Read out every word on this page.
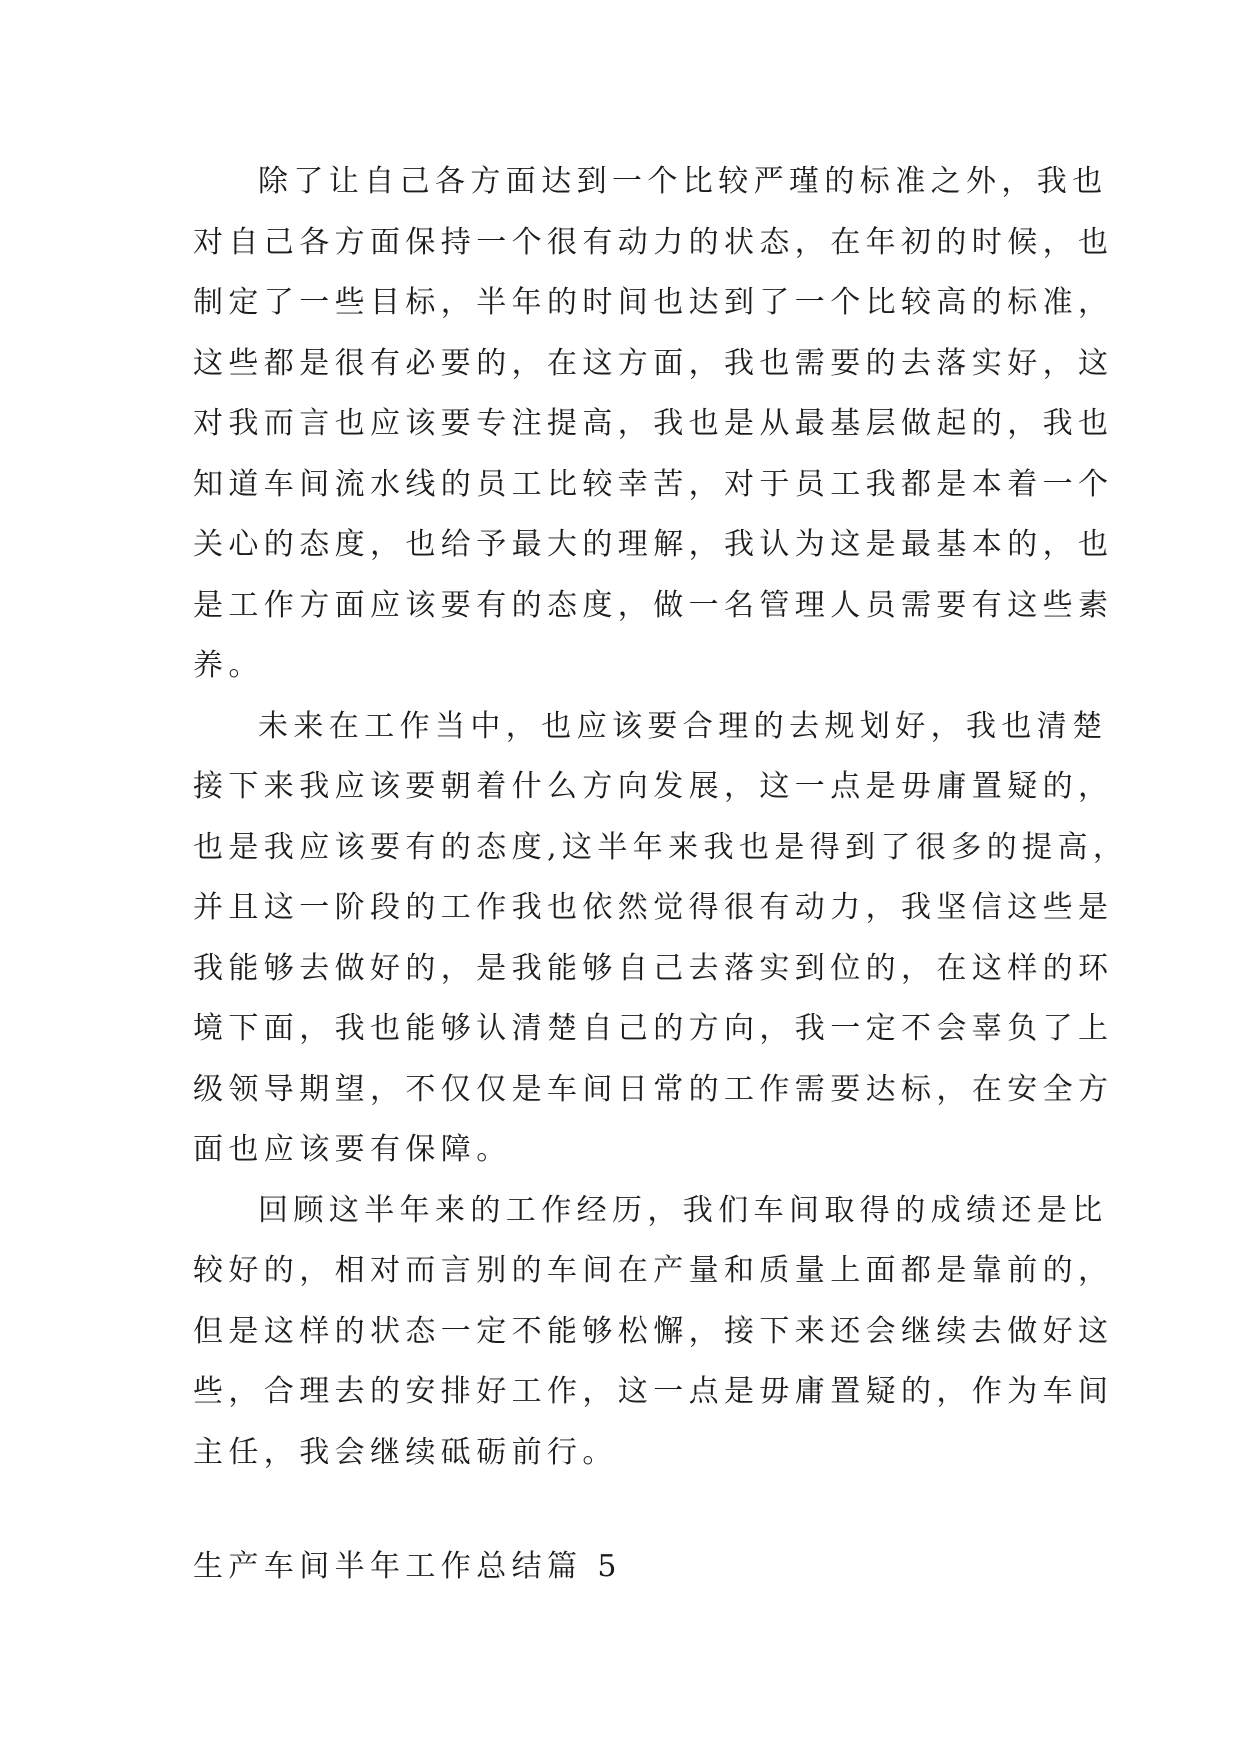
除了让自己各方面达到一个比较严瑾的标准之外，我也
对自己各方面保持一个很有动力的状态，在年初的时候，也
制定了一些目标，半年的时间也达到了一个比较高的标准，
这些都是很有必要的，在这方面，我也需要的去落实好，这
对我而言也应该要专注提高，我也是从最基层做起的，我也
知道车间流水线的员工比较幸苦，对于员工我都是本着一个
关心的态度，也给予最大的理解，我认为这是最基本的，也
是工作方面应该要有的态度，做一名管理人员需要有这些素
养。
未来在工作当中，也应该要合理的去规划好，我也清楚
接下来我应该要朝着什么方向发展，这一点是毋庸置疑的，
也是我应该要有的态度,这半年来我也是得到了很多的提高，
并且这一阶段的工作我也依然觉得很有动力，我坚信这些是
我能够去做好的，是我能够自己去落实到位的，在这样的环
境下面，我也能够认清楚自己的方向，我一定不会辜负了上
级领导期望，不仅仅是车间日常的工作需要达标，在安全方
面也应该要有保障。
回顾这半年来的工作经历，我们车间取得的成绩还是比
较好的，相对而言别的车间在产量和质量上面都是靠前的，
但是这样的状态一定不能够松懈，接下来还会继续去做好这
些，合理去的安排好工作，这一点是毋庸置疑的，作为车间
主任，我会继续砥砺前行。
生产车间半年工作总结篇 5
